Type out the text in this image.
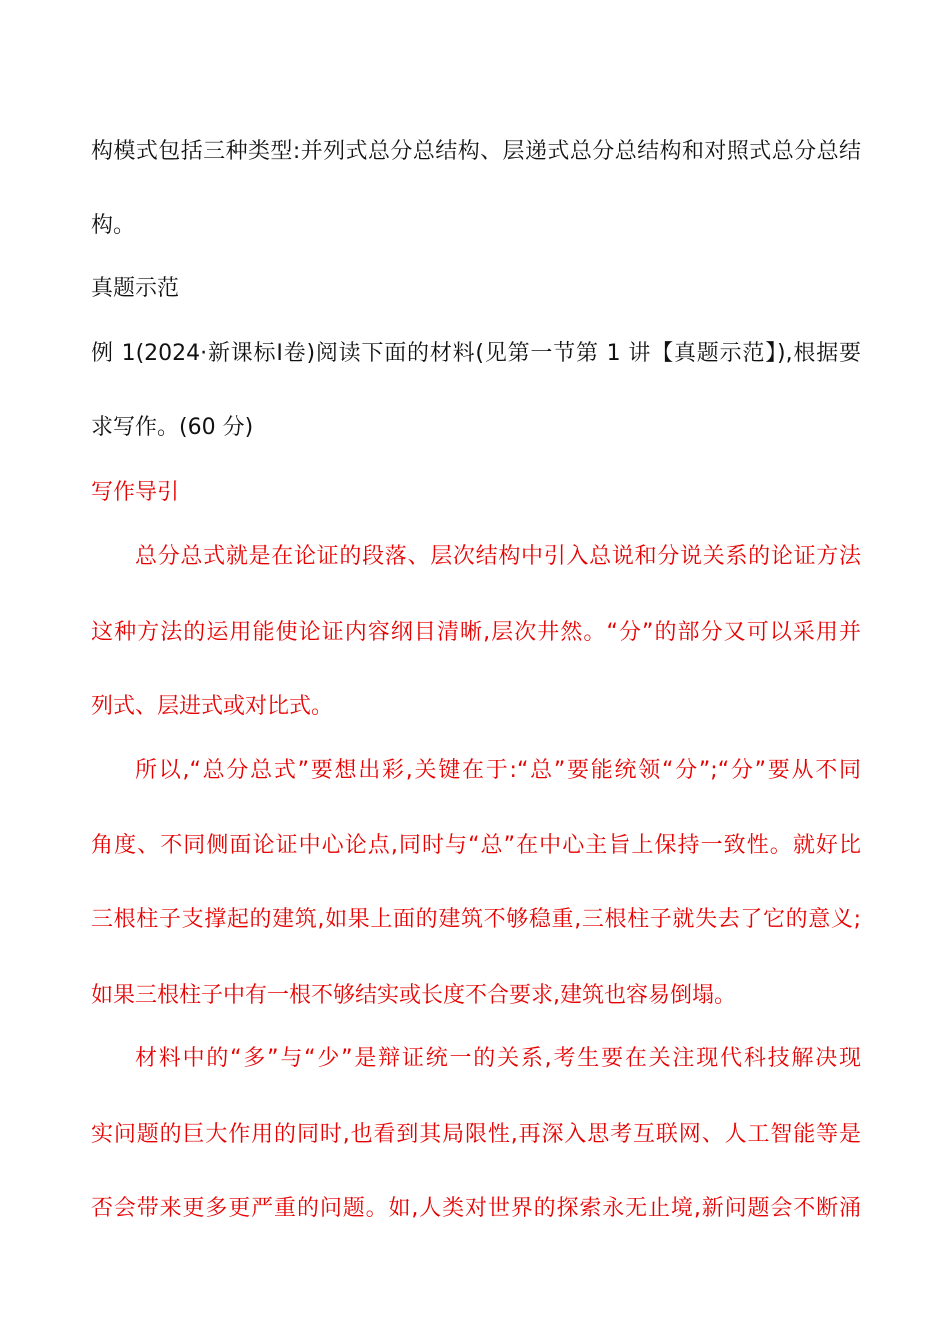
构模式包括三种类型:并列式总分总结构、层递式总分总结构和对照式总分总结
构。
真题示范
例 1(2024·新课标Ⅰ卷)阅读下面的材料(见第一节第 1 讲【真题示范】),根据要
求写作。(60 分)
写作导引
总分总式就是在论证的段落、层次结构中引入总说和分说关系的论证方法
这种方法的运用能使论证内容纲目清晰,层次井然。“分”的部分又可以采用并
列式、层进式或对比式。
所以,“总分总式”要想出彩,关键在于:“总”要能统领“分”;“分”要从不同
角度、不同侧面论证中心论点,同时与“总”在中心主旨上保持一致性。就好比
三根柱子支撑起的建筑,如果上面的建筑不够稳重,三根柱子就失去了它的意义;
如果三根柱子中有一根不够结实或长度不合要求,建筑也容易倒塌。
材料中的“多”与“少”是辩证统一的关系,考生要在关注现代科技解决现
实问题的巨大作用的同时,也看到其局限性,再深入思考互联网、人工智能等是
否会带来更多更严重的问题。如,人类对世界的探索永无止境,新问题会不断涌
